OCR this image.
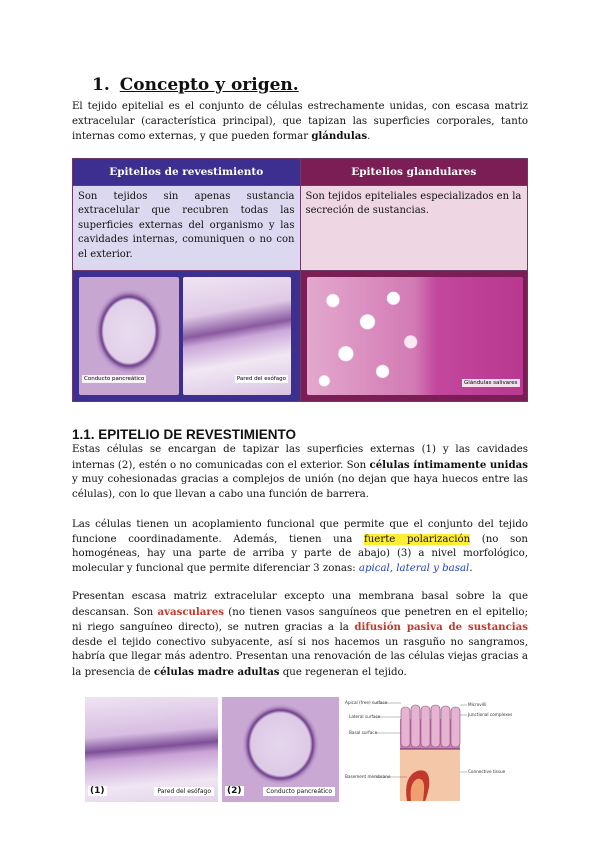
1. Concepto y origen.
El tejido epitelial es el conjunto de células estrechamente unidas, con escasa matriz extracelular (característica principal), que tapizan las superficies corporales, tanto internas como externas, y que pueden formar glándulas.
Epitelios de revestimiento	Epitelios glandulares
Son tejidos sin apenas sustancia extracelular que recubren todas las superficies externas del organismo y las cavidades internas, comuniquen o no con el exterior.	Son tejidos epiteliales especializados en la secreción de sustancias.

Conducto pancreático Pared del esófago	Glándulas salivares
1.1. EPITELIO DE REVESTIMIENTO
Estas células se encargan de tapizar las superficies externas (1) y las cavidades internas (2), estén o no comunicadas con el exterior. Son células íntimamente unidas y muy cohesionadas gracias a complejos de unión (no dejan que haya huecos entre las células), con lo que llevan a cabo una función de barrera.
Las células tienen un acoplamiento funcional que permite que el conjunto del tejido funcione coordinadamente. Además, tienen una fuerte polarización (no son homogéneas, hay una parte de arriba y parte de abajo) (3) a nivel morfológico, molecular y funcional que permite diferenciar 3 zonas: apical, lateral y basal.
Presentan escasa matriz extracelular excepto una membrana basal sobre la que descansan. Son avasculares (no tienen vasos sanguíneos que penetren en el epitelio; ni riego sanguíneo directo), se nutren gracias a la difusión pasiva de sustancias desde el tejido conectivo subyacente, así si nos hacemos un rasguño no sangramos, habría que llegar más adentro. Presentan una renovación de las células viejas gracias a la presencia de células madre adultas que regeneran el tejido.
(1)	Pared del esófago	(2)	Conducto pancreático
Apical (free) surface
Lateral surface
Basal surface
Basement membrane
Microvilli
Junctional complexes
Connective tissue
